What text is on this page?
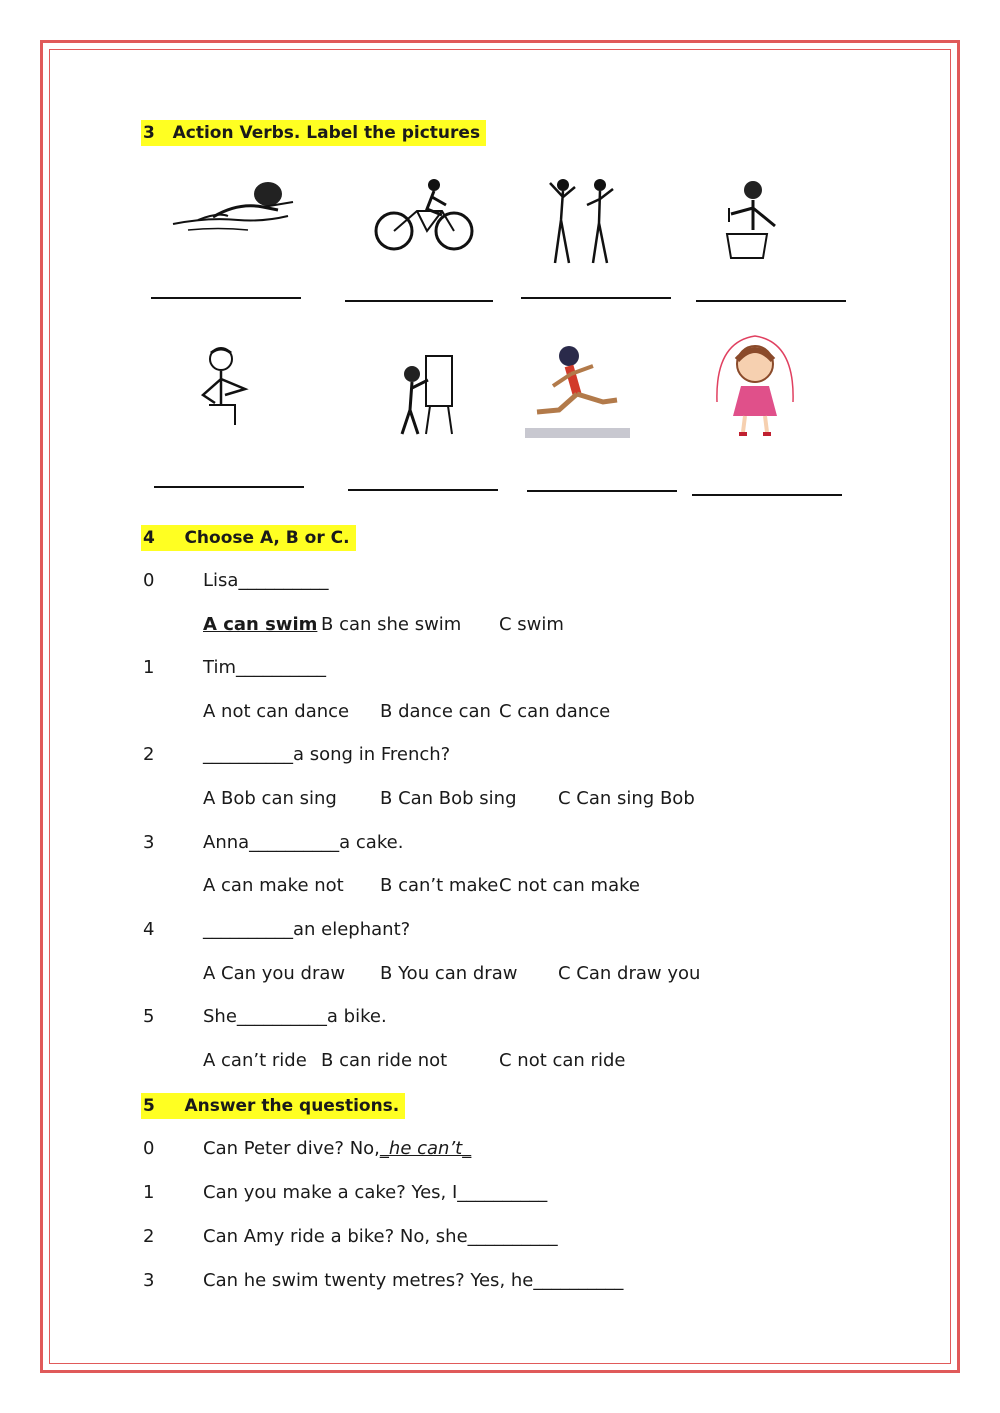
3 Action Verbs. Label the pictures
4 Choose A, B or C.
0	Lisa__________
A can swim B can she swim C swim
1	Tim__________
A not can dance B dance can C can dance
2	__________a song in French?
A Bob can sing B Can Bob sing C Can sing Bob
3	Anna__________a cake.
A can make not B can’t make C not can make
4	__________an elephant?
A Can you draw B You can draw C Can draw you
5	She__________a bike.
A can’t ride B can ride not	C not can ride
5 Answer the questions.
0	Can Peter dive? No,_he can’t_
1	Can you make a cake? Yes, I__________
2	Can Amy ride a bike? No, she__________
3	Can he swim twenty metres? Yes, he__________
